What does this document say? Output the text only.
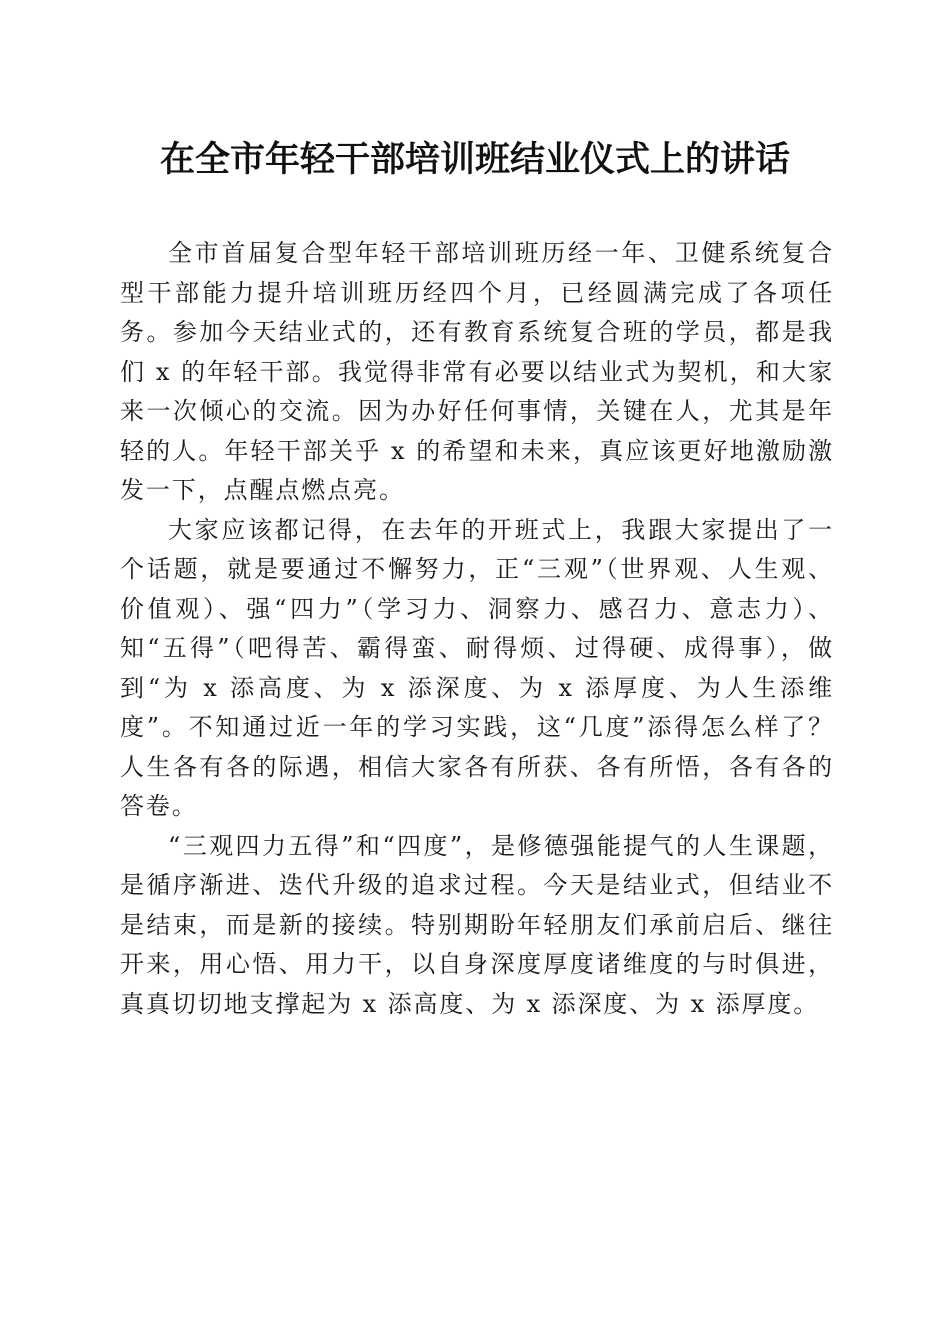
在全市年轻干部培训班结业仪式上的讲话

全市首届复合型年轻干部培训班历经一年、卫健系统复合型干部能力提升培训班历经四个月，已经圆满完成了各项任务。参加今天结业式的，还有教育系统复合班的学员，都是我们 x 的年轻干部。我觉得非常有必要以结业式为契机，和大家来一次倾心的交流。因为办好任何事情，关键在人，尤其是年轻的人。年轻干部关乎 x 的希望和未来，真应该更好地激励激发一下，点醒点燃点亮。

大家应该都记得，在去年的开班式上，我跟大家提出了一个话题，就是要通过不懈努力，正“三观”（世界观、人生观、价值观）、强“四力”（学习力、洞察力、感召力、意志力）、知“五得”（吧得苦、霸得蛮、耐得烦、过得硬、成得事），做到“为 x 添高度、为 x 添深度、为 x 添厚度、为人生添维度”。不知通过近一年的学习实践，这“几度”添得怎么样了？人生各有各的际遇，相信大家各有所获、各有所悟，各有各的答卷。

“三观四力五得”和“四度”，是修德强能提气的人生课题，是循序渐进、迭代升级的追求过程。今天是结业式，但结业不是结束，而是新的接续。特别期盼年轻朋友们承前启后、继往开来，用心悟、用力干，以自身深度厚度诸维度的与时俱进，真真切切地支撑起为 x 添高度、为 x 添深度、为 x 添厚度。
